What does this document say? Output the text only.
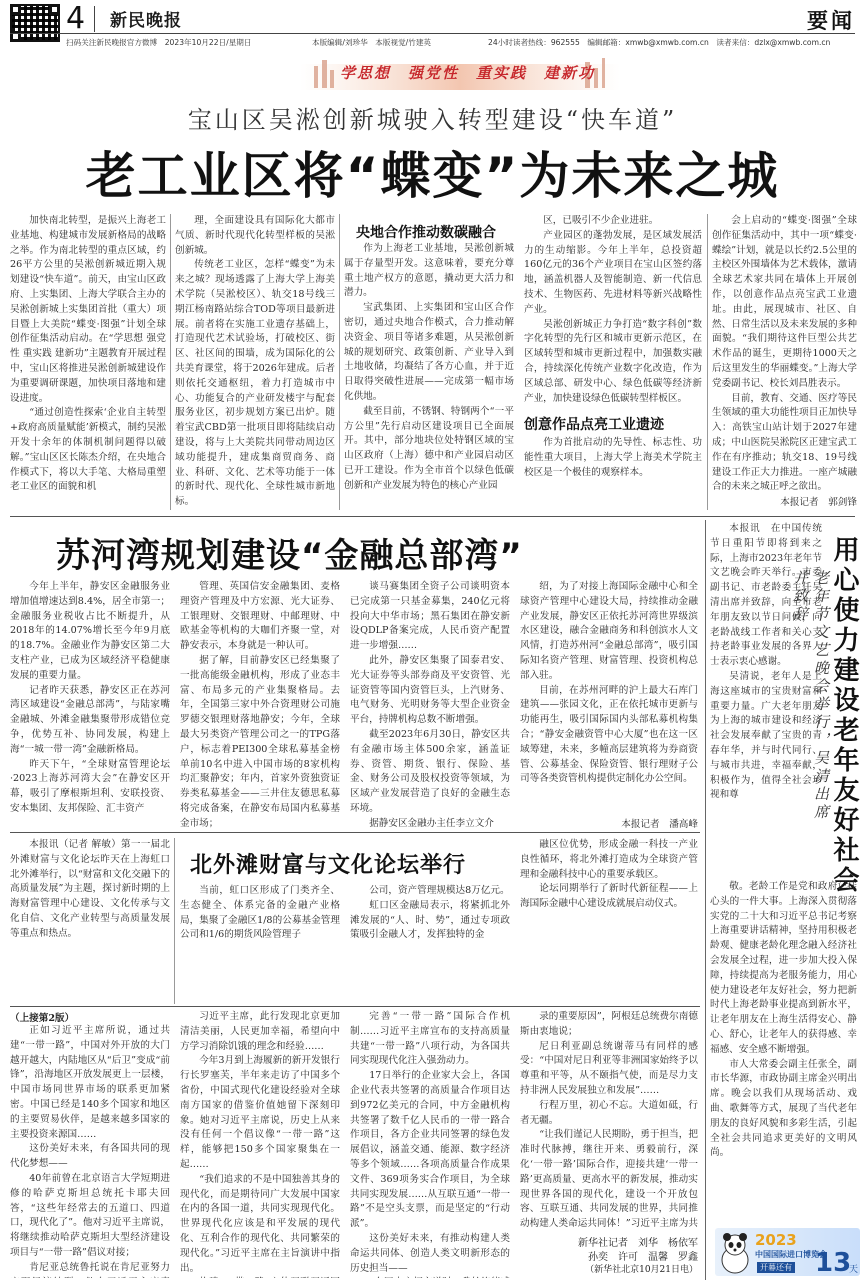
4 新民晚报	要闻
扫码关注新民晚报官方微博　2023年10月22日/星期日	本版编辑/刘珍华　本版视觉/竹建英	24小时读者热线：962555　编辑邮箱：xmwb@xmwb.com.cn　读者来信：dzlx@xmwb.com.cn
学思想　强党性　重实践　建新功
宝山区吴淞创新城驶入转型建设“快车道”
老工业区将“蝶变”为未来之城

加快南北转型，是振兴上海老工业基地、构建城市发展新格局的战略之举。作为南北转型的重点区域，约26平方公里的吴淞创新城近期入规划建设“快车道”。前天，由宝山区政府、上实集团、上海大学联合主办的吴淞创新城上实集团首批（重大）项目暨上大美院“蝶变·图强”计划全球创作征集活动启动。在“学思想 强党性 重实践 建新功”主题教育开展过程中，宝山区将推进吴淞创新城建设作为重要调研课题，加快项目落地和建设进度。

“通过创造性探索‘企业自主转型+政府高质量赋能’新模式，制约吴淞开发十余年的体制机制问题得以破解。”宝山区区长陈杰介绍，在央地合作模式下，将以大手笔、大格局重塑老工业区的面貌和机

理，全面建设具有国际化大都市气质、新时代现代化转型样板的吴淞创新城。

传统老工业区，怎样“蝶变”为未来之城？现场透露了上海大学上海美术学院（吴淞校区）、轨交18号线三期江杨南路站综合TOD等项目最新进展。前者将在实施工业遗存基础上，打造现代艺术试验场，打破校区、街区、社区间的围墙，成为国际化的公共美育课堂，将于2026年建成。后者则依托交通枢纽，着力打造城市中心、功能复合的产业研发楼宇与配套服务业区，初步规划方案已出炉。随着宝武CBD第一批项目即将陆续启动建设，将与上大美院共同带动周边区域功能提升，建成集商贸商务、商业、科研、文化、艺术等功能于一体的新时代、现代化、全球性城市新地标。

央地合作推动数碳融合

作为上海老工业基地，吴淞创新城属于存量型开发。这意味着，要充分尊重土地产权方的意愿，撬动更大活力和潜力。

宝武集团、上实集团和宝山区合作密切，通过央地合作模式，合力推动解决资金、项目等诸多难题，从吴淞创新城的规划研究、政策创新、产业导入到土地收储，均凝结了各方心血，并于近日取得突破性进展——完成第一幅市场化供地。

截至目前，不锈钢、特钢两个“一平方公里”先行启动区建设项目已全面展开。其中，部分地块位处特钢区域的宝山区政府（上海）德中和产业园启动区已开工建设。作为全市首个以绿色低碳创新和产业发展为特色的核心产业园

区，已吸引不少企业进驻。

产业园区的蓬勃发展，是区域发展活力的生动缩影。今年上半年，总投资超160亿元的36个产业项目在宝山区签约落地，涵盖机器人及智能制造、新一代信息技术、生物医药、先进材料等新兴战略性产业。

吴淞创新城正力争打造“数字科创”数字化转型的先行区和城市更新示范区，在区域转型和城市更新过程中，加强数实融合，持续深化传统产业数字化改造，作为区域总部、研发中心、绿色低碳等经济新产业，加快建设绿色低碳转型样板区。

创意作品点亮工业遗迹

作为首批启动的先导性、标志性、功能性重大项目，上海大学上海美术学院主校区是一个极佳的观察样本。

会上启动的“蝶变·图强”全球创作征集活动中，其中一项“蝶变·蝶绘”计划，就是以长约2.5公里的主校区外围墙体为艺术载体，激请全球艺术家共同在墙体上开展创作，以创意作品点亮宝武工业遗址。由此，展现城市、社区、自然、日常生活以及未来发展的多种面貌。“我们期待这件巨型公共艺术作品的诞生，更期待1000天之后这里发生的华丽蝶变。”上海大学党委副书记、校长刘昌胜表示。

目前，教育、交通、医疗等民生领域的重大功能性项目正加快导入：高铁宝山站计划于2027年建成；中山医院吴淞院区正建宝武工作在有序推动；轨交18、19号线建设工作正大力推进。一座产城融合的未来之城正呼之欲出。

本报记者　郭剑锋
苏河湾规划建设“金融总部湾”

今年上半年，静安区金融服务业增加值增速达到8.4%，居全市第一；金融服务业税收占比不断提升，从2018年的14.07%增长至今年9月底的18.7%。金融业作为静安区第二大支柱产业，已成为区域经济平稳健康发展的重要力量。

记者昨天获悉，静安区正在苏河湾区域建设“金融总部湾”，与陆家嘴金融城、外滩金融集聚带形成错位竞争，优势互补、协同发展，构建上海“一城一带一湾”金融新格局。

昨天下午，“全球财富管理论坛·2023上海苏河湾大会”在静安区开幕，吸引了摩根斯坦利、安联投资、安本集团、友邦保险、汇丰资产

管理、英国信安金融集团、麦格理资产管理及中方宏源、光大证券、工银理财、交银理财、中邮理财、中欧基金等机构的大咖们齐聚一堂，对静安表示，本身就是一种认可。

据了解，目前静安区已经集聚了一批高能级金融机构，形成了业态丰富、布局多元的产业集聚格局。去年，全国第三家中外合资理财公司施罗德交银理财落地静安；今年，全球最大另类资产管理公司之一的TPG落户，标志着PEI300全球私募基金榜单前10名中进入中国市场的8家机构均汇聚静安；年内，首家外资独资证券类私募基金——三井住友德思私募将完成备案，在静安布局国内私募基金市场；

谈马赛集团全资子公司谈明资本已完成第一只基金募集，240亿元将投向大中华市场；黑石集团在静安新设QDLP备案完成，人民币资产配置进一步增强……

此外，静安区集聚了国泰君安、光大证券等头部券商及平安资管、光证资管等国内资管巨头，上汽财务、电气财务、光明财务等大型企业资金平台，持牌机构总数不断增强。

截至2023年6月30日，静安区共有金融市场主体500余家，涵盖证券、资管、期货、银行、保险、基金、财务公司及股权投资等领域，为区域产业发展营造了良好的金融生态环境。

据静安区金融办主任李立文介

绍，为了对接上海国际金融中心和全球资产管理中心建设大局，持续推动金融产业发展，静安区正依托苏河湾世界级滨水区建设，融合金融商务和科创滨水人文风情，打造苏州河“金融总部湾”，吸引国际知名资产管理、财富管理、投资机构总部入驻。

目前，在苏州河畔的沪上最大石库门建筑——张园文化，正在依托城市更新与功能再生，吸引国际国内头部私募机构集合；“静安金融资管中心大厦”也在这一区域筹建，未来，多幢高层建筑将为券商资管、公募基金、保险资管、银行理财子公司等各类资管机构提供定制化办公空间。

本报记者　潘高峰

本报讯　在中国传统节日重阳节即将到来之际，上海市2023年老年节文艺晚会昨天举行。市委副书记、市老龄委主任吴清出席并致辞，向全市老年朋友致以节日问候，向老龄战线工作者和关心支持老龄事业发展的各界人士表示衷心感谢。

吴清说，老年人是上海这座城市的宝贵财富和重要力量。广大老年朋友为上海的城市建设和经济社会发展奉献了宝贵的青春年华，并与时代同行、与城市共进，幸福奉献，积极作为，值得全社会珍视和尊	用心使力建设老年友好社会
老年节文艺晚会举行，吴清出席并致辞

敬。老龄工作是党和政府记挂心头的一件大事。上海深入贯彻落实党的二十大和习近平总书记考察上海重要讲话精神，坚持用积极老龄观、健康老龄化理念融入经济社会发展全过程，进一步加大投入保障，持续提高为老服务能力，用心使力建设老年友好社会，努力把新时代上海老龄事业提高到新水平，让老年朋友在上海生活得安心、静心、舒心，让老年人的获得感、幸福感、安全感不断增强。

市人大常委会副主任张全，副市长华源，市政协副主席金兴明出席。晚会以我们从现场活动、戏曲、歌舞等方式，展现了当代老年朋友的良好风貌和多彩生活，引起全社会共同追求更美好的文明风尚。

本报讯（记者 解敏）第一一届北外滩财富与文化论坛昨天在上海虹口北外滩举行，以“财富和文化交融下的高质量发展”为主题，探讨新时期的上海财富管理中心建设、文化传承与文化自信、文化产业转型与高质量发展等重点和热点。

北外滩财富与文化论坛举行

当前，虹口区形成了门类齐全、生态健全、体系完备的金融产业格局，集聚了金融区1/8的公募基金管理公司和1/6的期货风险管理子

公司，资产管理规模达8万亿元。

虹口区金融局表示，将紧抓北外滩发展的“人、时、势”，通过专项政策吸引金融人才，发挥独特的金

融区位优势，形成金融一科技一产业良性循环，将北外滩打造成为全球资产管理和金融科技中心的重要承载区。

论坛同期举行了新时代新征程——上海国际金融中心建设成就展启动仪式。

（上接第2版）

正如习近平主席所说，通过共建“一带一路”，中国对外开放的大门越开越大，内陆地区从“后卫”变成“前锋”，沿海地区开放发展更上一层楼，中国市场同世界市场的联系更加紧密。中国已经是140多个国家和地区的主要贸易伙伴，是越来越多国家的主要投资来源国……

这份美好未来，有各国共同的现代化梦想——

40年前曾在北京语言大学短期进修的哈萨克斯坦总统托卡耶夫回答，“这些年经常去的五道口、四道口，现代化了”。他对习近平主席说，将继续推动哈萨克斯坦大型经济建设项目与“一带一路”倡议对接；

肯尼亚总统鲁托说在肯尼亚努力

习近平主席，此行发现北京更加清洁美丽，人民更加幸福，希望向中方学习消除饥饿的理念和经验……

今年3月到上海履新的新开发银行行长罗塞芙，半年来走访了中国多个省份，中国式现代化建设经验对全球南方国家的借鉴价值她留下深刻印象。她对习近平主席说，历史上从来没有任何一个倡议像“一带一路”这样，能够把150多个国家聚集在一起……

“我们追求的不是中国独善其身的现代化，而是期待同广大发展中国家在内的各国一道，共同实现现代化。世界现代化应该是和平发展的现代化、互利合作的现代化、共同繁荣的现代化。”习近平主席在主旨演讲中指出。

完善“一带一路”国际合作机制……习近平主席宣布的支持高质量共建“一带一路”八项行动，为各国共同实现现代化注入强劲动力。

17日举行的企业家大会上，各国企业代表共签署的高质量合作项目达到972亿美元的合同，中方金融机构共签署了数千亿人民币的一带一路合作项目，各方企业共同签署的绿色发展倡议，涵盖交通、能源、数字经济等多个领域……各项高质量合作成果文件、369项务实合作项目，为全球共同实现发展……从互联互通“一带一路”不是空头支票，而是坚定的“行动派”。

这份美好未来，有推动构建人类命运共同体、创造人类文明新形态的历史担当——

录的重要原因”，阿根廷总统费尔南德斯由衷地说；

尼日利亚副总统谢蒂马有同样的感受：“中国对尼日利亚等非洲国家始终予以尊重和平等，从不颐指气使，而是尽力支持非洲人民发展独立和发展”……

行程万里，初心不忘。大道如砥，行者无疆。

“让我们谨记人民期盼，勇于担当，把准时代脉搏，继往开来、勇毅前行，深化‘一带一路’国际合作，迎接共建‘一带一路’更高质量、更高水平的新发展，推动实现世界各国的现代化，建设一个开放包容、互联互通、共同发展的世界，共同推动构建人类命运共同体！”习近平主席为共

新华社记者　刘华　杨依军
孙奕　许可　温馨　罗鑫
（新华社北京10月21日电）
2023
中国国际进口博览会
开幕还有 13
天
